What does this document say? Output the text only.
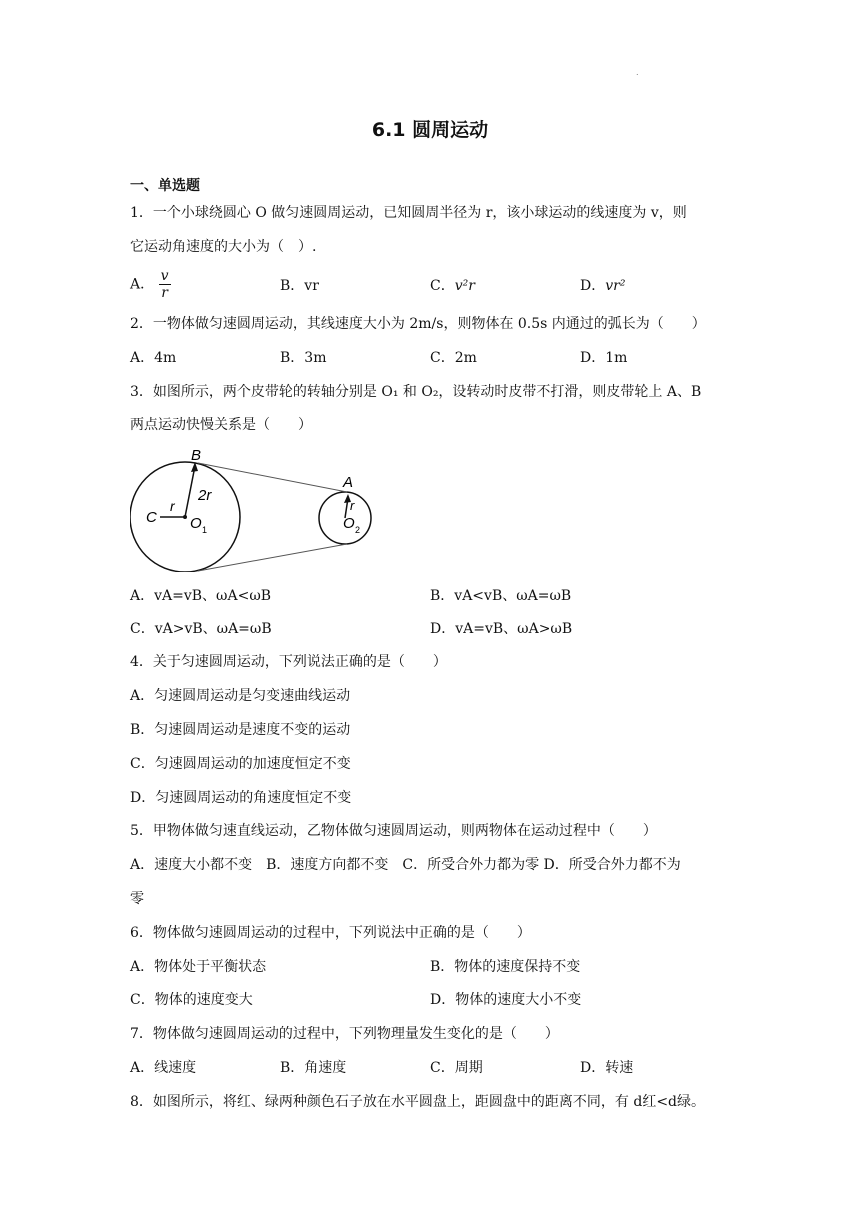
.
6.1 圆周运动
一、单选题
1．一个小球绕圆心 O 做匀速圆周运动，已知圆周半径为 r，该小球运动的线速度为 v，则
它运动角速度的大小为（　）.
A． $\frac{v}{r}$	B．vr	C．v²r	D．vr²
2．一物体做匀速圆周运动，其线速度大小为 2m/s，则物体在 0.5s 内通过的弧长为（　　）
A．4m	B．3m	C．2m	D．1m
3．如图所示，两个皮带轮的转轴分别是 O₁ 和 O₂，设转动时皮带不打滑，则皮带轮上 A、B
两点运动快慢关系是（　　）
B
2r
C
r
O 1
A
r
O 2
A．vA=vB、ωA<ωB	B．vA<vB、ωA=ωB
C．vA>vB、ωA=ωB	D．vA=vB、ωA>ωB
4．关于匀速圆周运动，下列说法正确的是（　　）
A．匀速圆周运动是匀变速曲线运动
B．匀速圆周运动是速度不变的运动
C．匀速圆周运动的加速度恒定不变
D．匀速圆周运动的角速度恒定不变
5．甲物体做匀速直线运动，乙物体做匀速圆周运动，则两物体在运动过程中（　　）
A．速度大小都不变　B．速度方向都不变　C．所受合外力都为零 D．所受合外力都不为
零
6．物体做匀速圆周运动的过程中，下列说法中正确的是（　　）
A．物体处于平衡状态	B．物体的速度保持不变
C．物体的速度变大	D．物体的速度大小不变
7．物体做匀速圆周运动的过程中，下列物理量发生变化的是（　　）
A．线速度	B．角速度	C．周期	D．转速
8．如图所示，将红、绿两种颜色石子放在水平圆盘上，距圆盘中的距离不同，有 d红<d绿。
